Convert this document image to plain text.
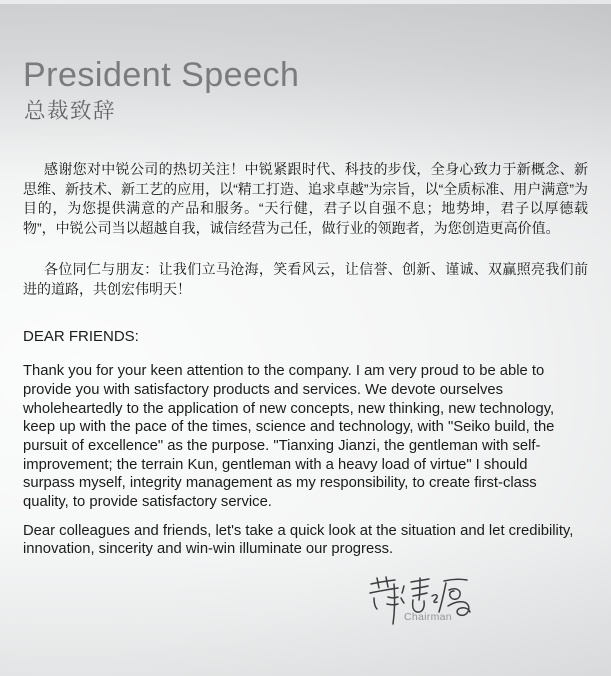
President Speech
总裁致辞

感谢您对中锐公司的热切关注！中锐紧跟时代、科技的步伐，全身心致力于新概念、新思维、新技术、新工艺的应用，以“精工打造、追求卓越”为宗旨，以“全质标准、用户满意”为目的，为您提供满意的产品和服务。“天行健，君子以自强不息；地势坤，君子以厚德载物”，中锐公司当以超越自我，诚信经营为己任，做行业的领跑者，为您创造更高价值。

各位同仁与朋友：让我们立马沧海，笑看风云，让信誉、创新、谨诚、双赢照亮我们前进的道路，共创宏伟明天！

DEAR FRIENDS:

Thank you for your keen attention to the company. I am very proud to be able to provide you with satisfactory products and services. We devote ourselves wholeheartedly to the application of new concepts, new thinking, new technology, keep up with the pace of the times, science and technology, with "Seiko build, the pursuit of excellence" as the purpose. "Tianxing Jianzi, the gentleman with self-improvement; the terrain Kun, gentleman with a heavy load of virtue" I should surpass myself, integrity management as my responsibility, to create first-class quality, to provide satisfactory service.

Dear colleagues and friends, let's take a quick look at the situation and let credibility, innovation, sincerity and win-win illuminate our progress.

Chairman
